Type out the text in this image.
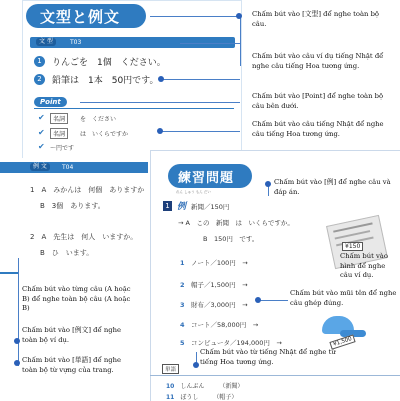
文型と例文
文 型	T03
1	りんごを　1個　ください。
2	鉛筆は　1本　50円です。
Point
✔	名詞	を　ください
✔	名詞	は　いくらですか
✔ 〜円です
Chấm bút vào [文型] để nghe toàn bộ câu.
Chấm bút vào câu ví dụ tiếng Nhật để nghe câu tiếng Hoa tương ứng.
Chấm bút vào [Point] để nghe toàn bộ câu bên dưới.
Chấm bút vào câu tiếng Nhật để nghe câu tiếng Hoa tương ứng.
例 文	T04
1　A　みかんは　何個　ありますか
B　3個　あります。
2　A　先生は　何人　いますか。
B　ひ　います。
Chấm bút vào từng câu (A hoặc B) để nghe toàn bộ câu (A hoặc B)
Chấm bút vào [例文] để nghe toàn bộ ví dụ.
Chấm bút vào [単語] để nghe toàn bộ từ vựng của trang.
練習問題
れん しゅう もん だい
1 例 新聞／150円
→ A　この　新聞　は　いくらですか。
B　150円　です。
¥150
1　 ノート／100円　→
2　 帽子／1,500円　→
3　 財布／3,000円　→
4　 コート／58,000円　→
5　 コンピュータ／194,000円　→	¥1,500
単語
10　 しんぶん　　　	（新聞）
11　 ぼうし　　　	（帽子）
Chấm bút vào [例] để nghe câu và đáp án.
Chấm bút vào hình để nghe câu ví dụ.
Chấm bút vào mũi tên để nghe câu ghép đúng.
Chấm bút vào từ tiếng Nhật để nghe từ tiếng Hoa tương ứng.
